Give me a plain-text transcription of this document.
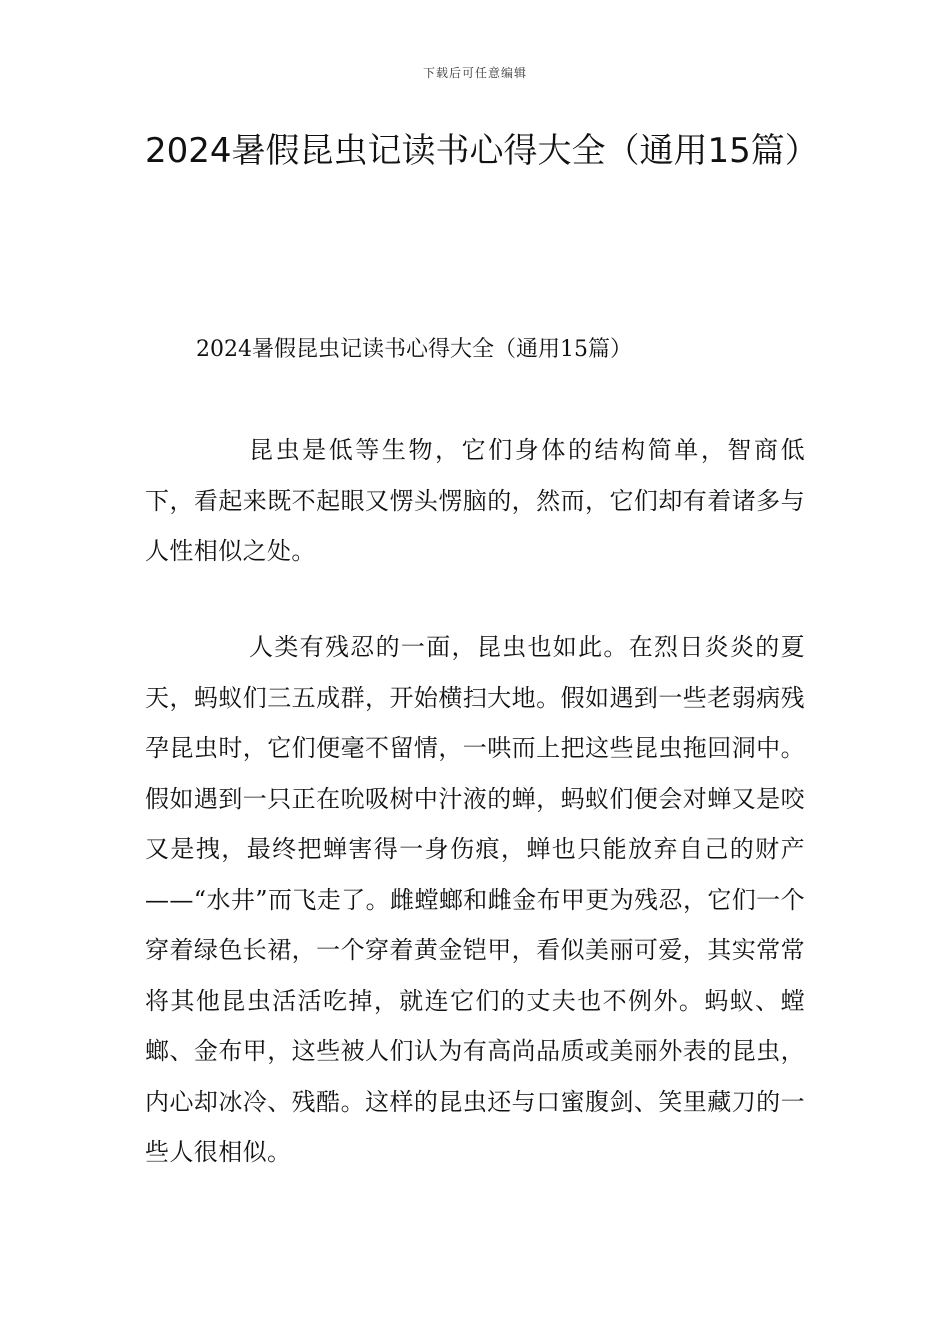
下载后可任意编辑
2024暑假昆虫记读书心得大全（通用15篇）

2024暑假昆虫记读书心得大全（通用15篇）

昆虫是低等生物，它们身体的结构简单，智商低下，看起来既不起眼又愣头愣脑的，然而，它们却有着诸多与人性相似之处。

人类有残忍的一面，昆虫也如此。在烈日炎炎的夏天，蚂蚁们三五成群，开始横扫大地。假如遇到一些老弱病残孕昆虫时，它们便毫不留情，一哄而上把这些昆虫拖回洞中。假如遇到一只正在吮吸树中汁液的蝉，蚂蚁们便会对蝉又是咬又是拽，最终把蝉害得一身伤痕，蝉也只能放弃自己的财产——“水井”而飞走了。雌螳螂和雌金布甲更为残忍，它们一个穿着绿色长裙，一个穿着黄金铠甲，看似美丽可爱，其实常常将其他昆虫活活吃掉，就连它们的丈夫也不例外。蚂蚁、螳螂、金布甲，这些被人们认为有高尚品质或美丽外表的昆虫，内心却冰冷、残酷。这样的昆虫还与口蜜腹剑、笑里藏刀的一些人很相似。
